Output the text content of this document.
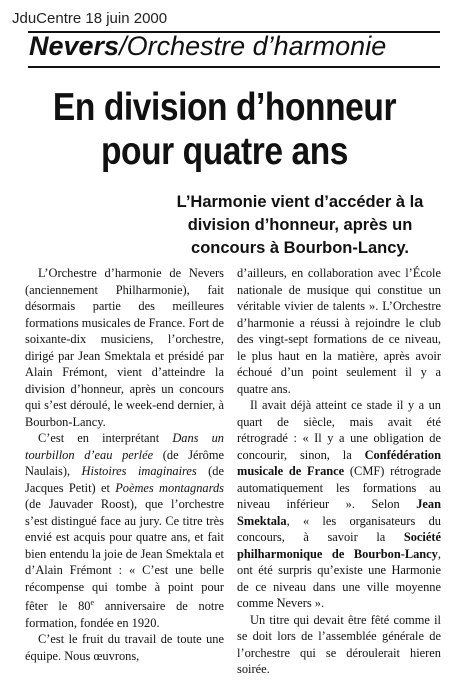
JduCentre 18 juin 2000
Nevers/Orchestre d’harmonie
En division d’honneur
pour quatre ans
L’Harmonie vient d’accéder à la
division d’honneur, après un
concours à Bourbon-Lancy.

L’Orchestre d’harmonie de Nevers (anciennement Philharmonie), fait désormais partie des meilleures formations musicales de France. Fort de soixante-dix musiciens, l’orchestre, dirigé par Jean Smektala et présidé par Alain Frémont, vient d’atteindre la division d’honneur, après un concours qui s’est déroulé, le week-end dernier, à Bourbon-Lancy.

C’est en interprétant Dans un tourbillon d’eau perlée (de Jérôme Naulais), Histoires imaginaires (de Jacques Petit) et Poèmes montagnards (de Jauvader Roost), que l’orchestre s’est distingué face au jury. Ce titre très envié est acquis pour quatre ans, et fait bien entendu la joie de Jean Smektala et d’Alain Frémont : « C’est une belle récompense qui tombe à point pour fêter le 80e anniversaire de notre formation, fondée en 1920.

C’est le fruit du travail de toute une équipe. Nous œuvrons,

d’ailleurs, en collaboration avec l’École nationale de musique qui constitue un véritable vivier de talents ». L’Orchestre d’harmonie a réussi à rejoindre le club des vingt-sept formations de ce niveau, le plus haut en la matière, après avoir échoué d’un point seulement il y a quatre ans.

Il avait déjà atteint ce stade il y a un quart de siècle, mais avait été rétrogradé : « Il y a une obligation de concourir, sinon, la Confédération musicale de France (CMF) rétrograde automatiquement les formations au niveau inférieur ». Selon Jean Smektala, « les organisateurs du concours, à savoir la Société philharmonique de Bourbon-Lancy, ont été surpris qu’existe une Harmonie de ce niveau dans une ville moyenne comme Nevers ».

Un titre qui devait être fêté comme il se doit lors de l’assemblée générale de l’orchestre qui se déroulerait hieren soirée.
